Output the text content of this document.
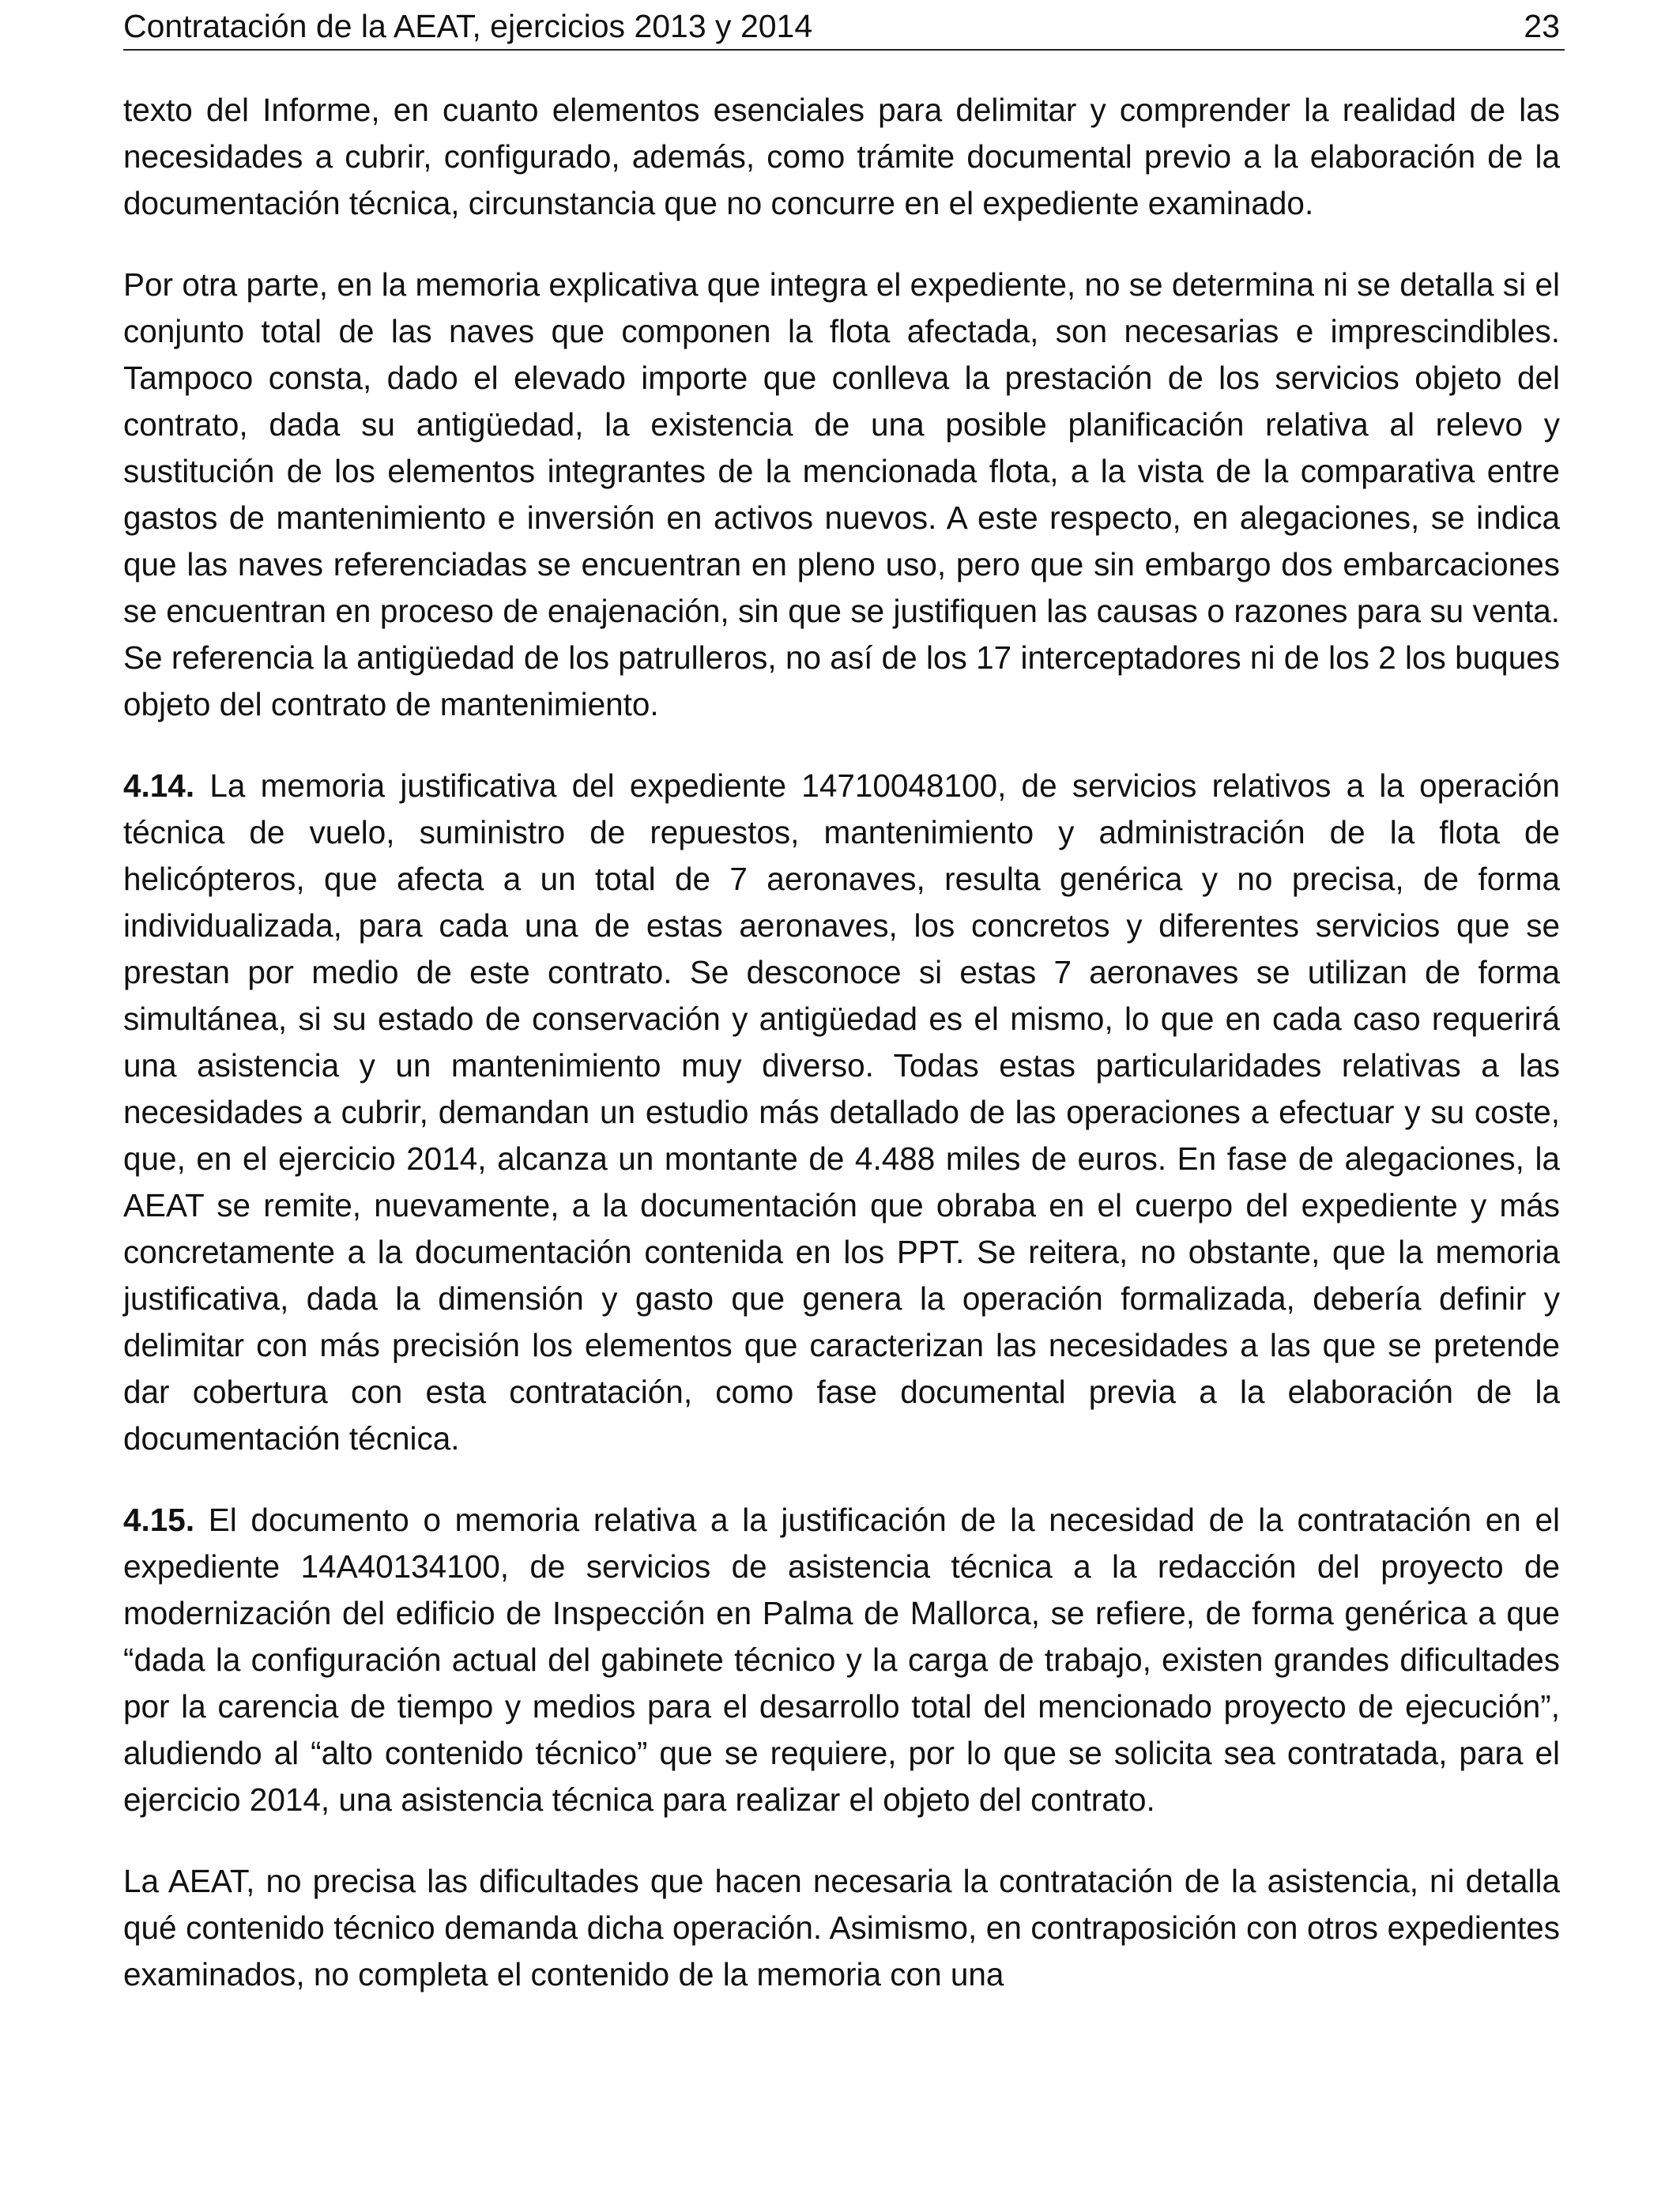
Contratación de la AEAT, ejercicios 2013 y 2014	23

texto del Informe, en cuanto elementos esenciales para delimitar y comprender la realidad de las necesidades a cubrir, configurado, además, como trámite documental previo a la elaboración de la documentación técnica, circunstancia que no concurre en el expediente examinado.

Por otra parte, en la memoria explicativa que integra el expediente, no se determina ni se detalla si el conjunto total de las naves que componen la flota afectada, son necesarias e imprescindibles. Tampoco consta, dado el elevado importe que conlleva la prestación de los servicios objeto del contrato, dada su antigüedad, la existencia de una posible planificación relativa al relevo y sustitución de los elementos integrantes de la mencionada flota, a la vista de la comparativa entre gastos de mantenimiento e inversión en activos nuevos. A este respecto, en alegaciones, se indica que las naves referenciadas se encuentran en pleno uso, pero que sin embargo dos embarcaciones se encuentran en proceso de enajenación, sin que se justifiquen las causas o razones para su venta. Se referencia la antigüedad de los patrulleros, no así de los 17 interceptadores ni de los 2 los buques objeto del contrato de mantenimiento.

4.14. La memoria justificativa del expediente 14710048100, de servicios relativos a la operación técnica de vuelo, suministro de repuestos, mantenimiento y administración de la flota de helicópteros, que afecta a un total de 7 aeronaves, resulta genérica y no precisa, de forma individualizada, para cada una de estas aeronaves, los concretos y diferentes servicios que se prestan por medio de este contrato. Se desconoce si estas 7 aeronaves se utilizan de forma simultánea, si su estado de conservación y antigüedad es el mismo, lo que en cada caso requerirá una asistencia y un mantenimiento muy diverso. Todas estas particularidades relativas a las necesidades a cubrir, demandan un estudio más detallado de las operaciones a efectuar y su coste, que, en el ejercicio 2014, alcanza un montante de 4.488 miles de euros. En fase de alegaciones, la AEAT se remite, nuevamente, a la documentación que obraba en el cuerpo del expediente y más concretamente a la documentación contenida en los PPT. Se reitera, no obstante, que la memoria justificativa, dada la dimensión y gasto que genera la operación formalizada, debería definir y delimitar con más precisión los elementos que caracterizan las necesidades a las que se pretende dar cobertura con esta contratación, como fase documental previa a la elaboración de la documentación técnica.

4.15. El documento o memoria relativa a la justificación de la necesidad de la contratación en el expediente 14A40134100, de servicios de asistencia técnica a la redacción del proyecto de modernización del edificio de Inspección en Palma de Mallorca, se refiere, de forma genérica a que “dada la configuración actual del gabinete técnico y la carga de trabajo, existen grandes dificultades por la carencia de tiempo y medios para el desarrollo total del mencionado proyecto de ejecución”, aludiendo al “alto contenido técnico” que se requiere, por lo que se solicita sea contratada, para el ejercicio 2014, una asistencia técnica para realizar el objeto del contrato.

La AEAT, no precisa las dificultades que hacen necesaria la contratación de la asistencia, ni detalla qué contenido técnico demanda dicha operación. Asimismo, en contraposición con otros expedientes examinados, no completa el contenido de la memoria con una
